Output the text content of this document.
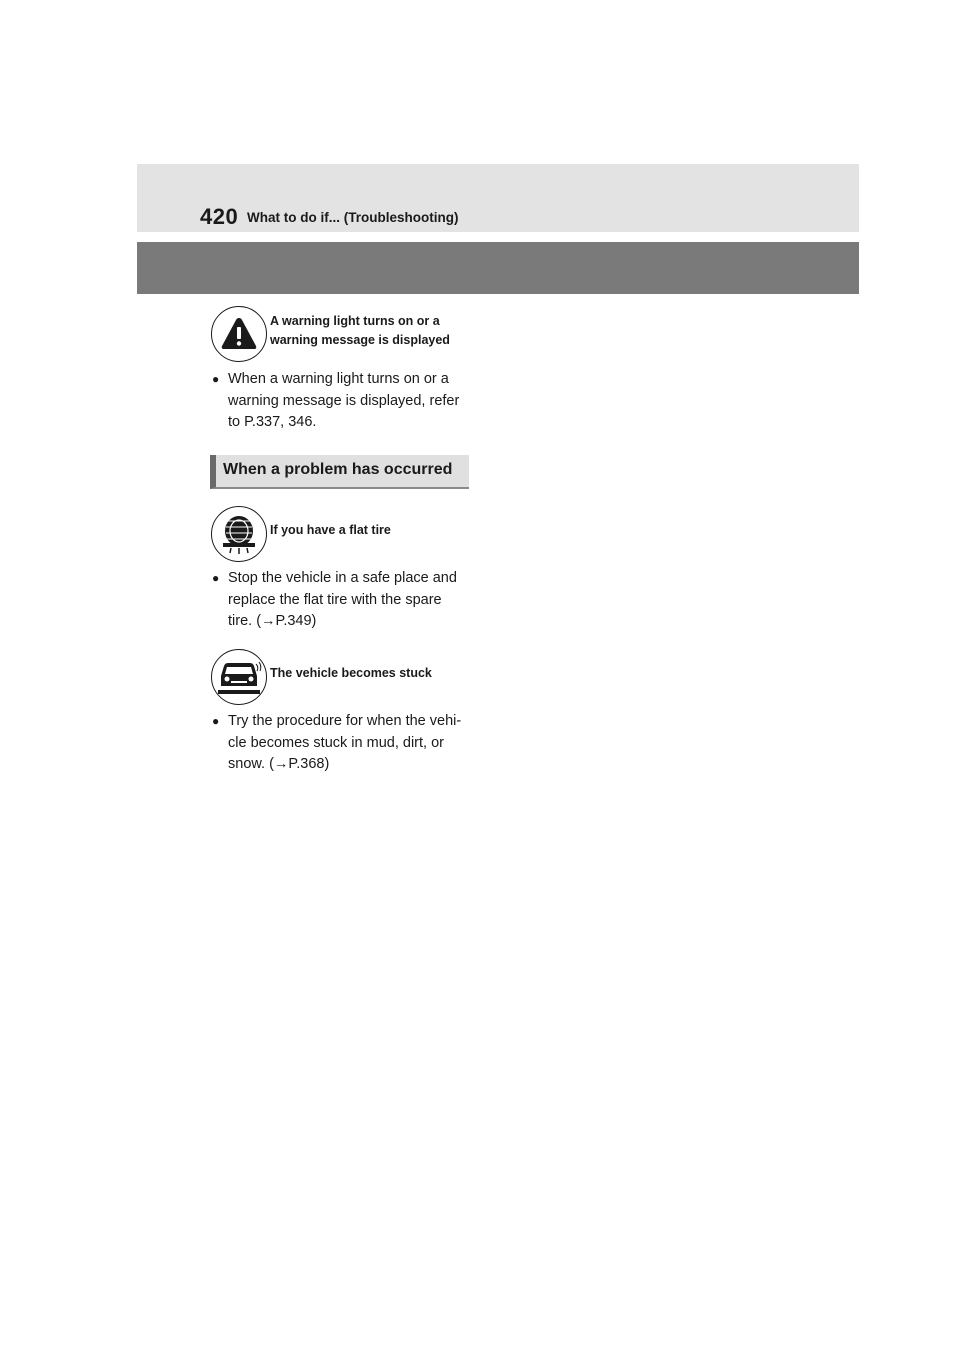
420 What to do if... (Troubleshooting)
A warning light turns on or a
warning message is displayed
● When a warning light turns on or a
warning message is displayed, refer
to P.337, 346.
When a problem has occurred
If you have a flat tire
● Stop the vehicle in a safe place and
replace the flat tire with the spare
tire. (→P.349)
The vehicle becomes stuck
● Try the procedure for when the vehi-
cle becomes stuck in mud, dirt, or
snow. (→P.368)
